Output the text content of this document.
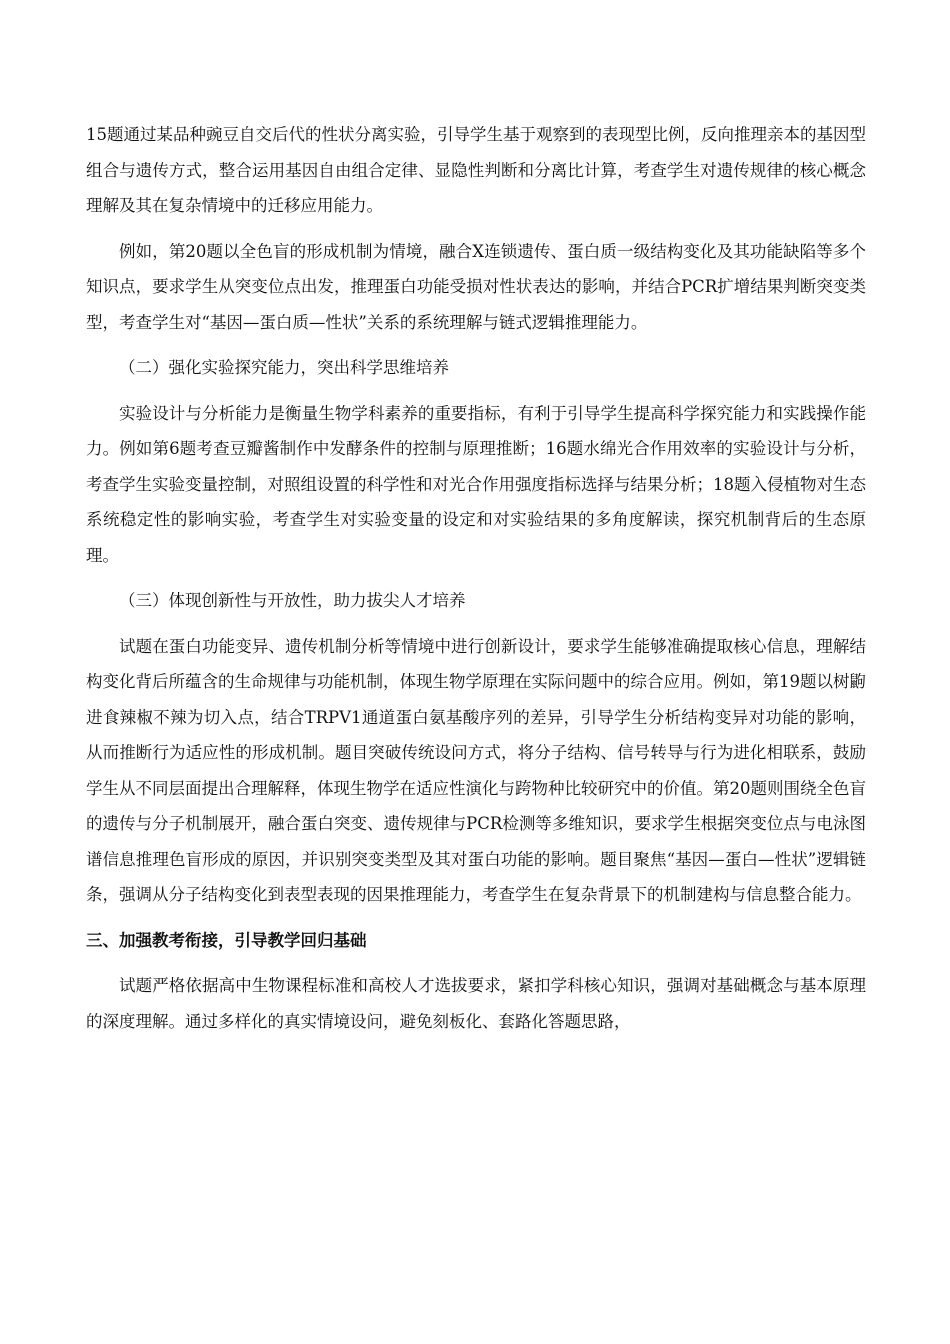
15题通过某品种豌豆自交后代的性状分离实验，引导学生基于观察到的表现型比例，反向推理亲本的基因型组合与遗传方式，整合运用基因自由组合定律、显隐性判断和分离比计算，考查学生对遗传规律的核心概念理解及其在复杂情境中的迁移应用能力。

例如，第20题以全色盲的形成机制为情境，融合X连锁遗传、蛋白质一级结构变化及其功能缺陷等多个知识点，要求学生从突变位点出发，推理蛋白功能受损对性状表达的影响，并结合PCR扩增结果判断突变类型，考查学生对“基因—蛋白质—性状”关系的系统理解与链式逻辑推理能力。

（二）强化实验探究能力，突出科学思维培养

实验设计与分析能力是衡量生物学科素养的重要指标，有利于引导学生提高科学探究能力和实践操作能力。例如第6题考查豆瓣酱制作中发酵条件的控制与原理推断；16题水绵光合作用效率的实验设计与分析，考查学生实验变量控制，对照组设置的科学性和对光合作用强度指标选择与结果分析；18题入侵植物对生态系统稳定性的影响实验，考查学生对实验变量的设定和对实验结果的多角度解读，探究机制背后的生态原理。

（三）体现创新性与开放性，助力拔尖人才培养

试题在蛋白功能变异、遗传机制分析等情境中进行创新设计，要求学生能够准确提取核心信息，理解结构变化背后所蕴含的生命规律与功能机制，体现生物学原理在实际问题中的综合应用。例如，第19题以树鼩进食辣椒不辣为切入点，结合TRPV1通道蛋白氨基酸序列的差异，引导学生分析结构变异对功能的影响，从而推断行为适应性的形成机制。题目突破传统设问方式，将分子结构、信号转导与行为进化相联系，鼓励学生从不同层面提出合理解释，体现生物学在适应性演化与跨物种比较研究中的价值。第20题则围绕全色盲的遗传与分子机制展开，融合蛋白突变、遗传规律与PCR检测等多维知识，要求学生根据突变位点与电泳图谱信息推理色盲形成的原因，并识别突变类型及其对蛋白功能的影响。题目聚焦“基因—蛋白—性状”逻辑链条，强调从分子结构变化到表型表现的因果推理能力，考查学生在复杂背景下的机制建构与信息整合能力。

三、加强教考衔接，引导教学回归基础

试题严格依据高中生物课程标准和高校人才选拔要求，紧扣学科核心知识，强调对基础概念与基本原理的深度理解。通过多样化的真实情境设问，避免刻板化、套路化答题思路，
